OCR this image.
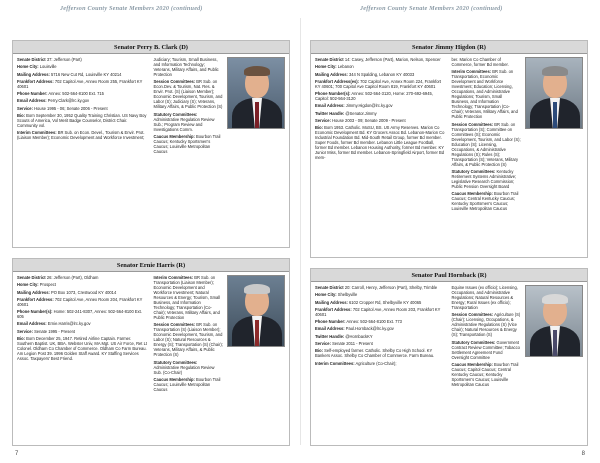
Jefferson County Senate Members 2020 (continued)	Jefferson County Senate Members 2020 (continued)
Senator Perry B. Clark (D)

Senate District 37: Jefferson (Part)

Home City: Louisville

Mailing Address: 5716 New Cut Rd, Louisville KY 40214

Frankfort Address: 702 Capitol Ave, Annex Room 255, Frankfort KY 40601

Phone Number: Annex: 502-564-8100 Ext. 715

Email Address: Perry.Clark@lrc.ky.gov

Service: House 1995 - 06; Senate 2006 - Present

Bio: Born September 30, 1952 Quality Training Christian. US Navy Boy Scouts of America, Vol Merit Badge Counselor, District Chair. Community vol.

Interim Committees: BR Sub. on Econ. Devel., Tourism & Envir. Prot. (Liaison Member); Economic Development and Workforce Investment;

Judiciary; Tourism, Small Business, and Information Technology; Veterans, Military Affairs, and Public Protection

Session Committees: BR Sub. on Econ.Dev. & Tourism, Nat. Res. & Envir. Prot. (S) (Liaison Member); Economic Development, Tourism, and Labor (S); Judiciary (S); Veterans, Military Affairs, & Public Protection (S)

Statutory Committees: Administrative Regulation Review Sub.; Program Review and Investigations Comm.

Caucus Membership: Bourbon Trail Caucus; Kentucky Sportsmen's Caucus; Louisville Metropolitan Caucus

Senator Jimmy Higdon (R)

Senate District 14: Casey, Jefferson (Part), Marion, Nelson, Spencer

Home City: Lebanon

Mailing Address: 344 N Spalding, Lebanon KY 40033

Frankfort Address(es): 702 Capitol Ave, Annex Room 224, Frankfort KY 40601; 700 Capitol Ave Capitol Room 819, Frankfort KY 40601

Phone Number(s): Annex: 502-564-3120, Home: 270-692-6945, Capitol: 502-564-3120

Email Address: Jimmy.Higdon@lrc.ky.gov

Twitter Handle: @Senator.Jimmy

Service: House 2003 - 09; Senate 2009 - Present

Bio: Born 1953. Catholic. MoSU, BS. US Army Reserves. Marion Co Economic Development Bd. KY Grocers Assoc Bd. Lebanon-Marion Co Industrial Foundation Bd. Mid-South Retail Group, former Bd member. Super Foods, former Bd member. Lebanon Little League Football, former Bd member. Lebanon Housing Authority, former Bd member. KY Junior Miss, former Bd member. Lebanon-Springfield Airport, former Bd mem-

ber. Marion Co Chamber of Commerce, former Bd member.

Interim Committees: BR Sub. on Transportation, Economic Development and Workforce Investment; Education; Licensing, Occupations, and Administrative Regulations; Tourism, Small Business, and Information Technology; Transportation (Co-Chair); Veterans, Military Affairs, and Public Protection

Session Committees: BR Sub. on Transportation (S); Committee on Committees (S); Economic Development, Tourism, and Labor (S); Education (S); Licensing, Occupations, & Administrative Regulations (S); Rules (S); Transportation (S); Veterans, Military Affairs, & Public Protection (S)

Statutory Committees: Kentucky Retirement Systems Administrative; Legislative Research Commission; Public Pension Oversight Board

Caucus Membership: Bourbon Trail Caucus; Central Kentucky Caucus; Kentucky Sportsmen's Caucus; Louisville Metropolitan Caucus

Senator Ernie Harris (R)

Senate District 26: Jefferson (Part), Oldham

Home City: Prospect

Mailing Address: PO Box 1073, Crestwood KY 40014

Frankfort Address: 702 Capitol Ave, Annex Room 204, Frankfort KY 40601

Phone Number(s): Home: 502-241-8307, Annex: 502-564-8100 Ext. 605

Email Address: Ernie.Harris@lrc.ky.gov

Service: Senate 1995 - Present

Bio: Born December 25, 1947. Retired Airline Captain. Farmer. Southern Baptist. UK, BBA. Webster Univ, MA Mgt. US Air Force, Ret Lt Colonel. Oldham Co Chamber of Commerce. Oldham Co Farm Bureau. Am Legion Post 39. 1996 Golden Staff Award. KY Staffing Services Assoc. Taxpayers' Best Friend.

Interim Committees: BR Sub. on Transportation (Liaison Member); Economic Development and Workforce Investment; Natural Resources & Energy; Tourism, Small Business, and Information Technology; Transportation (Co-Chair); Veterans, Military Affairs, and Public Protection

Session Committees: BR Sub. on Transportation (S) (Liaison Member); Economic Development, Tourism, and Labor (S); Natural Resources & Energy (S); Transportation (S) (Chair); Veterans, Military Affairs, & Public Protection (S)

Statutory Committees: Administrative Regulation Review Sub. (Co-Chair)

Caucus Membership: Bourbon Trail Caucus; Louisville Metropolitan Caucus

Senator Paul Hornback (R)

Senate District 20: Carroll, Henry, Jefferson (Part), Shelby, Trimble

Home City: Shelbyville

Mailing Address: 6102 Cropper Rd, Shelbyville KY 40065

Frankfort Address: 702 Capitol Ave, Annex Room 203, Frankfort KY 40601

Phone Number: Annex: 502-564-8100 Ext. 773

Email Address: Paul.Hornback@lrc.ky.gov

Twitter Handle: @HornbackKY

Service: Senate 2011 - Present

Bio: Self-employed farmer. Catholic. Shelby Co High School. KY Bankers Assoc. Shelby Co Chamber of Commerce. Farm Bureau.

Interim Committees: Agriculture (Co-Chair);

Equine Issues (ex officio); Licensing, Occupations, and Administrative Regulations; Natural Resources & Energy; Rural Issues (ex officio); Transportation

Session Committees: Agriculture (S) (Chair); Licensing, Occupations, & Administrative Regulations (S) (Vice Chair); Natural Resources & Energy (S); Transportation (S)

Statutory Committees: Government Contract Review Committee; Tobacco Settlement Agreement Fund Oversight Committee

Caucus Membership: Bourbon Trail Caucus; Capitol Caucus; Central Kentucky Caucus; Kentucky Sportsmen's Caucus; Louisville Metropolitan Caucus

7	8
